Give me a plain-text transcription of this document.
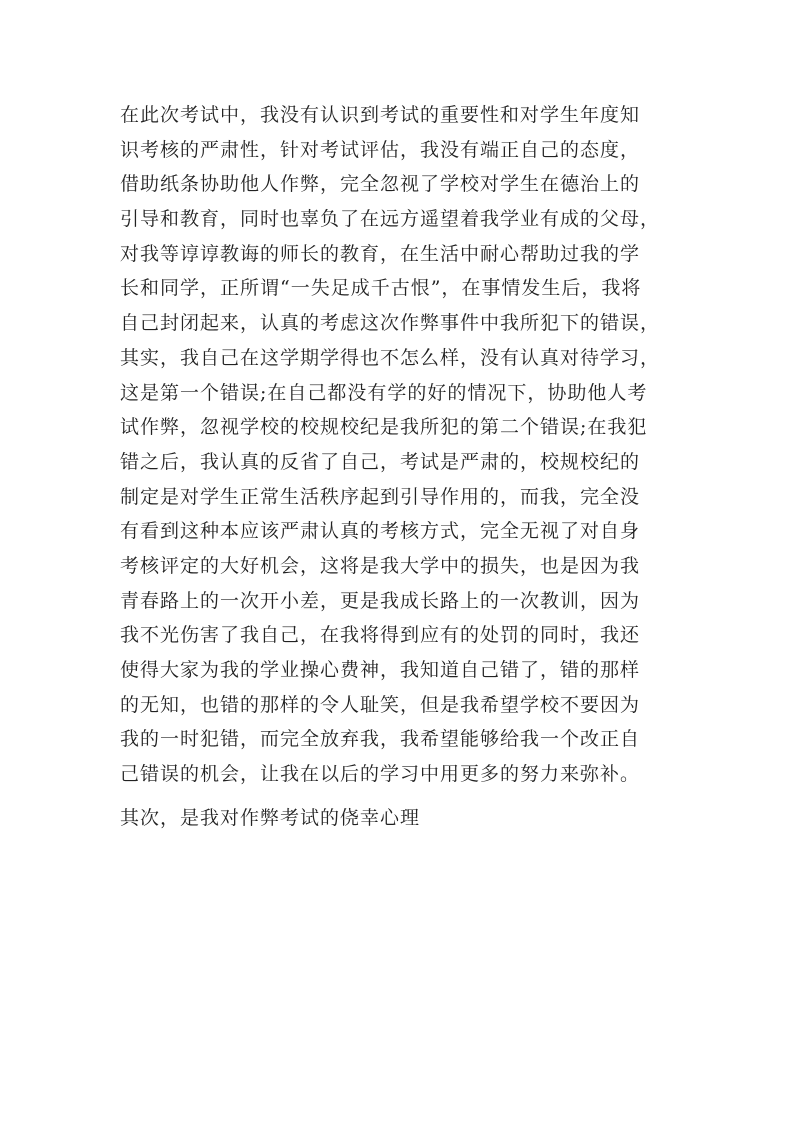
在此次考试中，我没有认识到考试的重要性和对学生年度知
识考核的严肃性，针对考试评估，我没有端正自己的态度，
借助纸条协助他人作弊，完全忽视了学校对学生在德治上的
引导和教育，同时也辜负了在远方遥望着我学业有成的父母，
对我等谆谆教诲的师长的教育，在生活中耐心帮助过我的学
长和同学，正所谓“一失足成千古恨”，在事情发生后，我将
自己封闭起来，认真的考虑这次作弊事件中我所犯下的错误，
其实，我自己在这学期学得也不怎么样，没有认真对待学习，
这是第一个错误;在自己都没有学的好的情况下，协助他人考
试作弊，忽视学校的校规校纪是我所犯的第二个错误;在我犯
错之后，我认真的反省了自己，考试是严肃的，校规校纪的
制定是对学生正常生活秩序起到引导作用的，而我，完全没
有看到这种本应该严肃认真的考核方式，完全无视了对自身
考核评定的大好机会，这将是我大学中的损失，也是因为我
青春路上的一次开小差，更是我成长路上的一次教训，因为
我不光伤害了我自己，在我将得到应有的处罚的同时，我还
使得大家为我的学业操心费神，我知道自己错了，错的那样
的无知，也错的那样的令人耻笑，但是我希望学校不要因为
我的一时犯错，而完全放弃我，我希望能够给我一个改正自
己错误的机会，让我在以后的学习中用更多的努力来弥补。
其次，是我对作弊考试的侥幸心理
